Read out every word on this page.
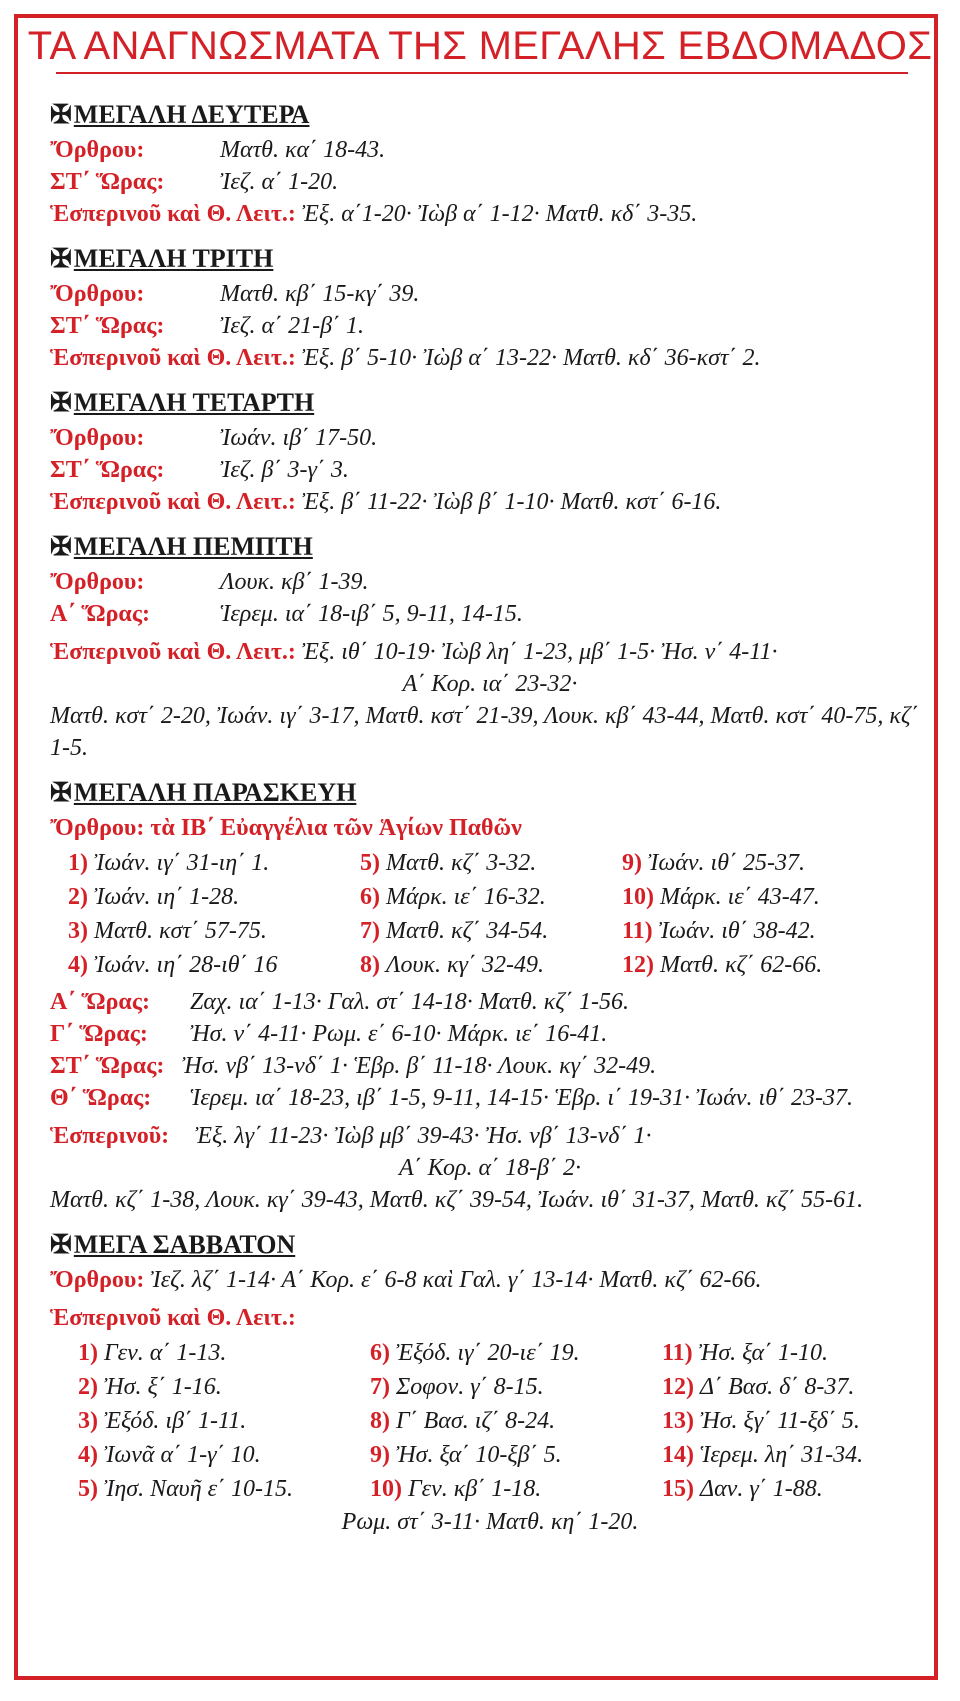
ΤΑ ΑΝΑΓΝΩΣΜΑΤΑ ΤΗΣ ΜΕΓΑΛΗΣ ΕΒΔΟΜΑΔΟΣ
✠ΜΕΓΑΛΗ ΔΕΥΤΕΡΑ
Ὄρθρου:	Ματθ. κα΄ 18-43.
ΣΤ΄ Ὥρας: Ἰεζ. α΄ 1-20.
Ἑσπερινοῦ καὶ Θ. Λειτ.: Ἐξ. α΄1-20· Ἰὼβ α΄ 1-12· Ματθ. κδ΄ 3-35.
✠ΜΕΓΑΛΗ ΤΡΙΤΗ
Ὄρθρου:	Ματθ. κβ΄ 15-κγ΄ 39.
ΣΤ΄ Ὥρας: Ἰεζ. α΄ 21-β΄ 1.
Ἑσπερινοῦ καὶ Θ. Λειτ.: Ἐξ. β΄ 5-10· Ἰὼβ α΄ 13-22· Ματθ. κδ΄ 36-κστ΄ 2.
✠ΜΕΓΑΛΗ ΤΕΤΑΡΤΗ
Ὄρθρου:	Ἰωάν. ιβ΄ 17-50.
ΣΤ΄ Ὥρας: Ἰεζ. β΄ 3-γ΄ 3.
Ἑσπερινοῦ καὶ Θ. Λειτ.: Ἐξ. β΄ 11-22· Ἰὼβ β΄ 1-10· Ματθ. κστ΄ 6-16.
✠ΜΕΓΑΛΗ ΠΕΜΠΤΗ
Ὄρθρου:	Λουκ. κβ΄ 1-39.
Α΄ Ὥρας:	Ἱερεμ. ια΄ 18-ιβ΄ 5, 9-11, 14-15.
Ἑσπερινοῦ καὶ Θ. Λειτ.: Ἐξ. ιθ΄ 10-19· Ἰὼβ λη΄ 1-23, μβ΄ 1-5· Ἠσ. ν΄ 4-11·
Α΄ Κορ. ια΄ 23-32·
Ματθ. κστ΄ 2-20, Ἰωάν. ιγ΄ 3-17, Ματθ. κστ΄ 21-39, Λουκ. κβ΄ 43-44, Ματθ. κστ΄ 40-75, κζ΄ 1-5.
✠ΜΕΓΑΛΗ ΠΑΡΑΣΚΕΥΗ
Ὄρθρου: τὰ ΙΒ΄ Εὐαγγέλια τῶν Ἁγίων Παθῶν
1) Ἰωάν. ιγ΄ 31-ιη΄ 1.	5) Ματθ. κζ΄ 3-32.	9) Ἰωάν. ιθ΄ 25-37.
2) Ἰωάν. ιη΄ 1-28.	6) Μάρκ. ιε΄ 16-32.	10) Μάρκ. ιε΄ 43-47.
3) Ματθ. κστ΄ 57-75.	7) Ματθ. κζ΄ 34-54.	11) Ἰωάν. ιθ΄ 38-42.
4) Ἰωάν. ιη΄ 28-ιθ΄ 16	8) Λουκ. κγ΄ 32-49.	12) Ματθ. κζ΄ 62-66.
Α΄ Ὥρας: Ζαχ. ια΄ 1-13· Γαλ. στ΄ 14-18· Ματθ. κζ΄ 1-56.
Γ΄ Ὥρας: Ἠσ. ν΄ 4-11· Ρωμ. ε΄ 6-10· Μάρκ. ιε΄ 16-41.
ΣΤ΄ Ὥρας: Ἠσ. νβ΄ 13-νδ΄ 1· Ἑβρ. β΄ 11-18· Λουκ. κγ΄ 32-49.
Θ΄ Ὥρας: Ἱερεμ. ια΄ 18-23, ιβ΄ 1-5, 9-11, 14-15· Ἑβρ. ι΄ 19-31· Ἰωάν. ιθ΄ 23-37.
Ἑσπερινοῦ: Ἐξ. λγ΄ 11-23· Ἰὼβ μβ΄ 39-43· Ἠσ. νβ΄ 13-νδ΄ 1·
Α΄ Κορ. α΄ 18-β΄ 2·
Ματθ. κζ΄ 1-38, Λουκ. κγ΄ 39-43, Ματθ. κζ΄ 39-54, Ἰωάν. ιθ΄ 31-37, Ματθ. κζ΄ 55-61.
✠ΜΕΓΑ ΣΑΒΒΑΤΟΝ
Ὄρθρου: Ἰεζ. λζ΄ 1-14· Α΄ Κορ. ε΄ 6-8 καὶ Γαλ. γ΄ 13-14· Ματθ. κζ΄ 62-66.
Ἑσπερινοῦ καὶ Θ. Λειτ.:
1) Γεν. α΄ 1-13.	6) Ἐξόδ. ιγ΄ 20-ιε΄ 19.	11) Ἠσ. ξα΄ 1-10.
2) Ἠσ. ξ΄ 1-16.	7) Σοφον. γ΄ 8-15.	12) Δ΄ Βασ. δ΄ 8-37.
3) Ἐξόδ. ιβ΄ 1-11.	8) Γ΄ Βασ. ιζ΄ 8-24.	13) Ἠσ. ξγ΄ 11-ξδ΄ 5.
4) Ἰωνᾶ α΄ 1-γ΄ 10.	9) Ἠσ. ξα΄ 10-ξβ΄ 5.	14) Ἱερεμ. λη΄ 31-34.
5) Ἰησ. Ναυῆ ε΄ 10-15.	10) Γεν. κβ΄ 1-18.	15) Δαν. γ΄ 1-88.
Ρωμ. στ΄ 3-11· Ματθ. κη΄ 1-20.
